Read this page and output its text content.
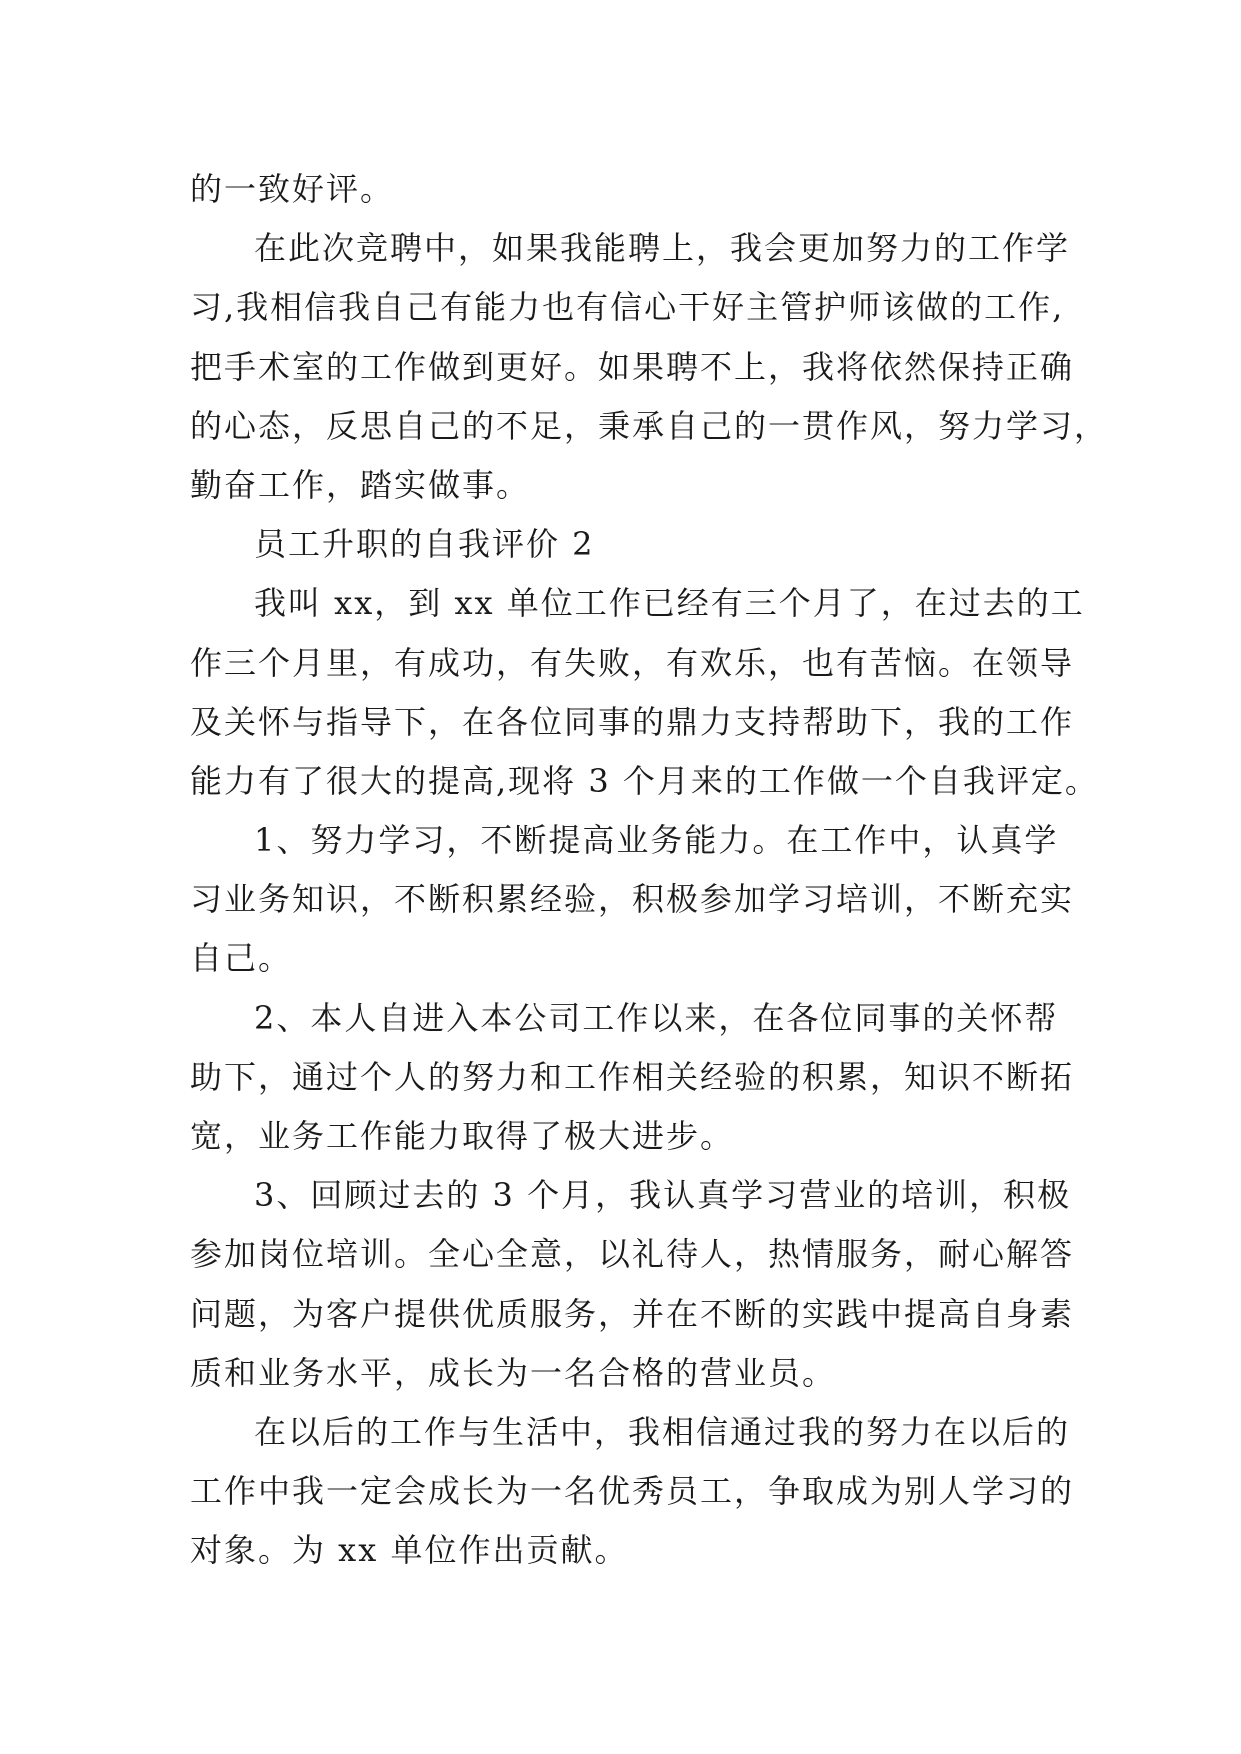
的一致好评。
在此次竞聘中，如果我能聘上，我会更加努力的工作学
习,我相信我自己有能力也有信心干好主管护师该做的工作,
把手术室的工作做到更好。如果聘不上，我将依然保持正确
的心态，反思自己的不足，秉承自己的一贯作风，努力学习，
勤奋工作，踏实做事。
员工升职的自我评价 2
我叫 xx，到 xx 单位工作已经有三个月了，在过去的工
作三个月里，有成功，有失败，有欢乐，也有苦恼。在领导
及关怀与指导下，在各位同事的鼎力支持帮助下，我的工作
能力有了很大的提高,现将 3 个月来的工作做一个自我评定。
1、努力学习，不断提高业务能力。在工作中，认真学
习业务知识，不断积累经验，积极参加学习培训，不断充实
自己。
2、本人自进入本公司工作以来，在各位同事的关怀帮
助下，通过个人的努力和工作相关经验的积累，知识不断拓
宽，业务工作能力取得了极大进步。
3、回顾过去的 3 个月，我认真学习营业的培训，积极
参加岗位培训。全心全意，以礼待人，热情服务，耐心解答
问题，为客户提供优质服务，并在不断的实践中提高自身素
质和业务水平，成长为一名合格的营业员。
在以后的工作与生活中，我相信通过我的努力在以后的
工作中我一定会成长为一名优秀员工，争取成为别人学习的
对象。为 xx 单位作出贡献。
